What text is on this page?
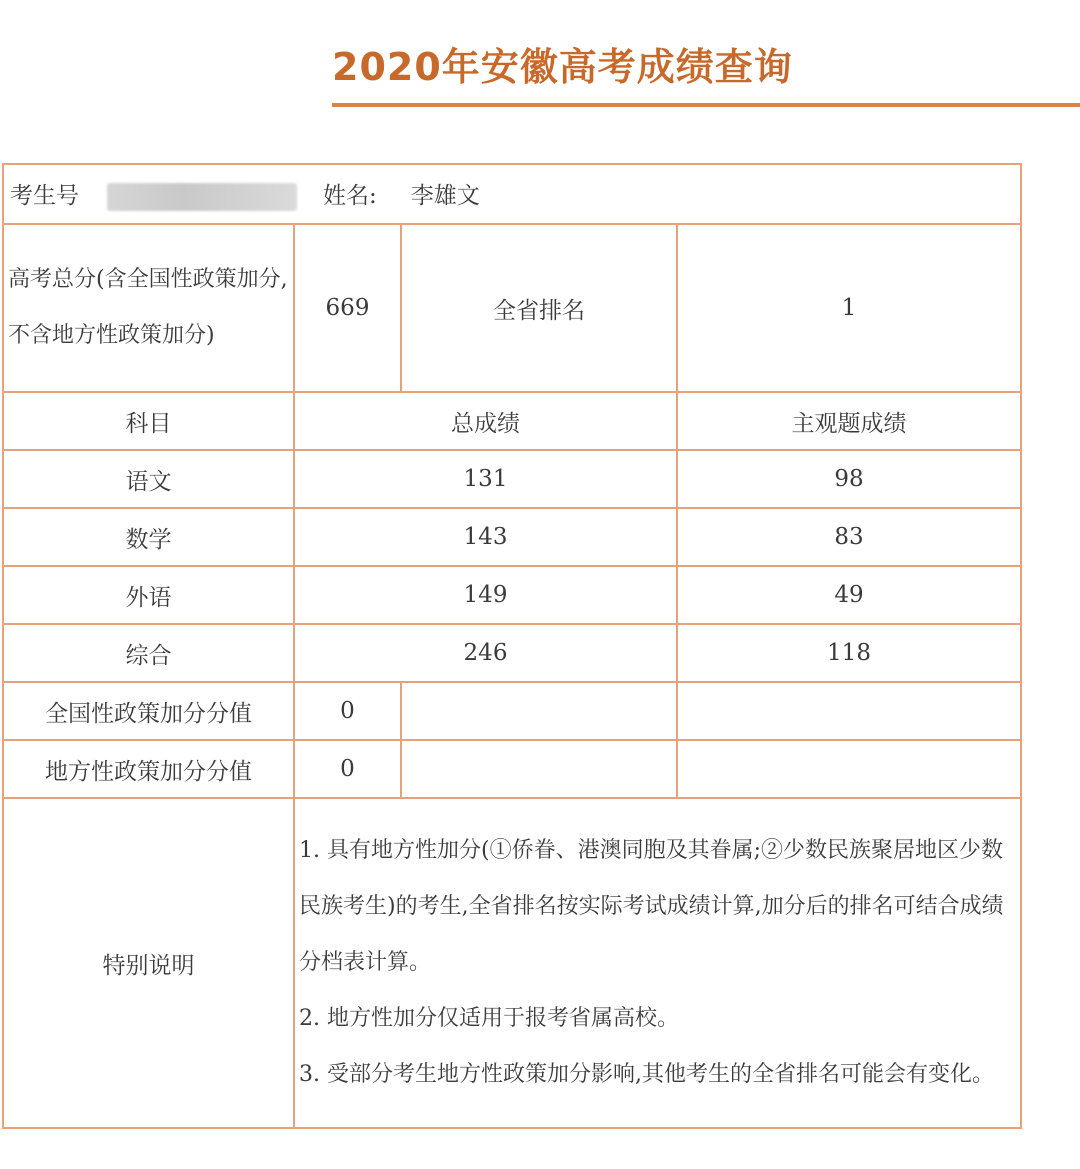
2020年安徽高考成绩查询
考生号 姓名: 李雄文			
高考总分(含全国性政策加分,不含地方性政策加分)	669	全省排名	1
科目	总成绩		主观题成绩
语文	131		98
数学	143		83
外语	149		49
综合	246		118
全国性政策加分分值	0		
地方性政策加分分值	0		
特别说明	1. 具有地方性加分(①侨眷、港澳同胞及其眷属;②少数民族聚居地区少数民族考生)的考生,全省排名按实际考试成绩计算,加分后的排名可结合成绩分档表计算。
2. 地方性加分仅适用于报考省属高校。
3. 受部分考生地方性政策加分影响,其他考生的全省排名可能会有变化。		
